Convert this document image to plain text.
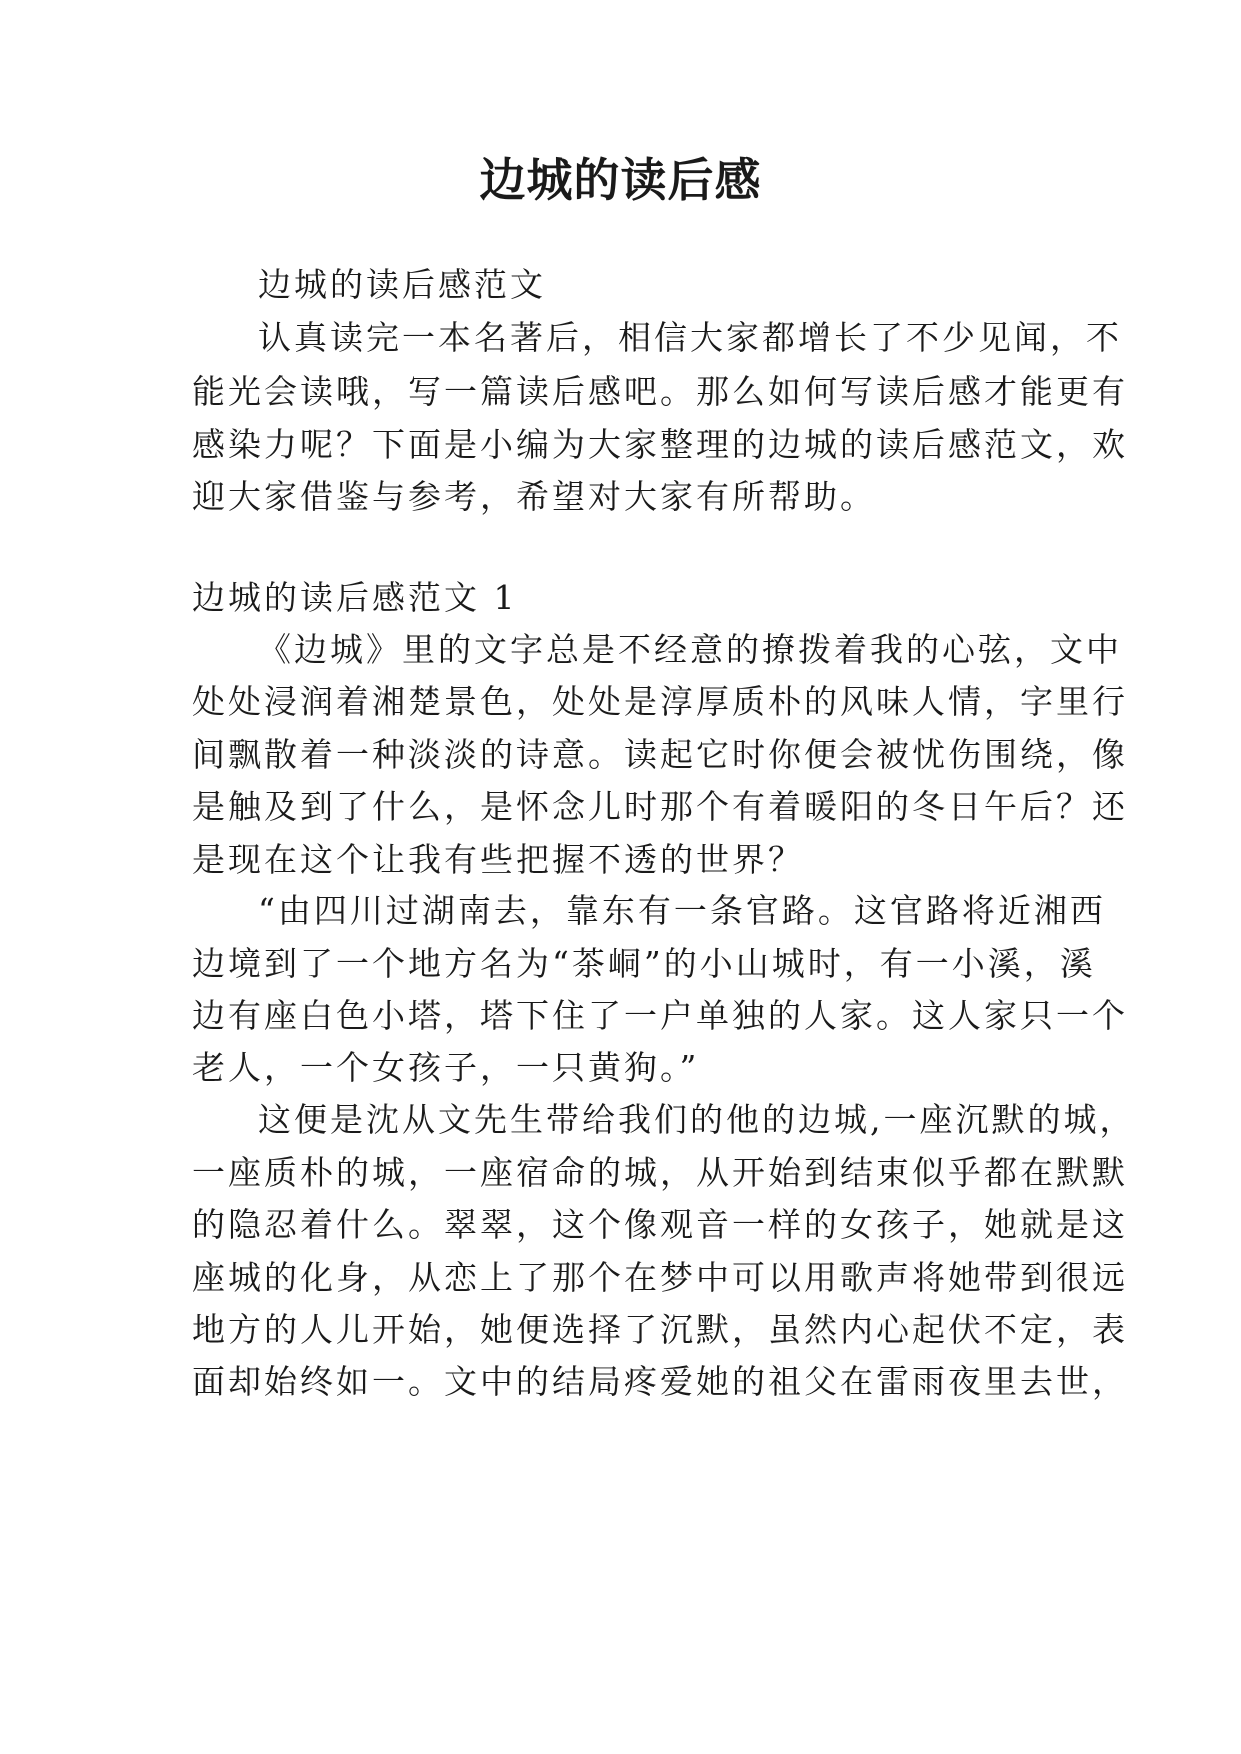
边城的读后感
边城的读后感范文
认真读完一本名著后，相信大家都增长了不少见闻，不
能光会读哦，写一篇读后感吧。那么如何写读后感才能更有
感染力呢？下面是小编为大家整理的边城的读后感范文，欢
迎大家借鉴与参考，希望对大家有所帮助。
边城的读后感范文 1
《边城》里的文字总是不经意的撩拨着我的心弦，文中
处处浸润着湘楚景色，处处是淳厚质朴的风味人情，字里行
间飘散着一种淡淡的诗意。读起它时你便会被忧伤围绕，像
是触及到了什么，是怀念儿时那个有着暖阳的冬日午后？还
是现在这个让我有些把握不透的世界？
“由四川过湖南去，靠东有一条官路。这官路将近湘西
边境到了一个地方名为“茶峒”的小山城时，有一小溪，溪
边有座白色小塔，塔下住了一户单独的人家。这人家只一个
老人，一个女孩子，一只黄狗。”
这便是沈从文先生带给我们的他的边城,一座沉默的城，
一座质朴的城，一座宿命的城，从开始到结束似乎都在默默
的隐忍着什么。翠翠，这个像观音一样的女孩子，她就是这
座城的化身，从恋上了那个在梦中可以用歌声将她带到很远
地方的人儿开始，她便选择了沉默，虽然内心起伏不定，表
面却始终如一。文中的结局疼爱她的祖父在雷雨夜里去世，
